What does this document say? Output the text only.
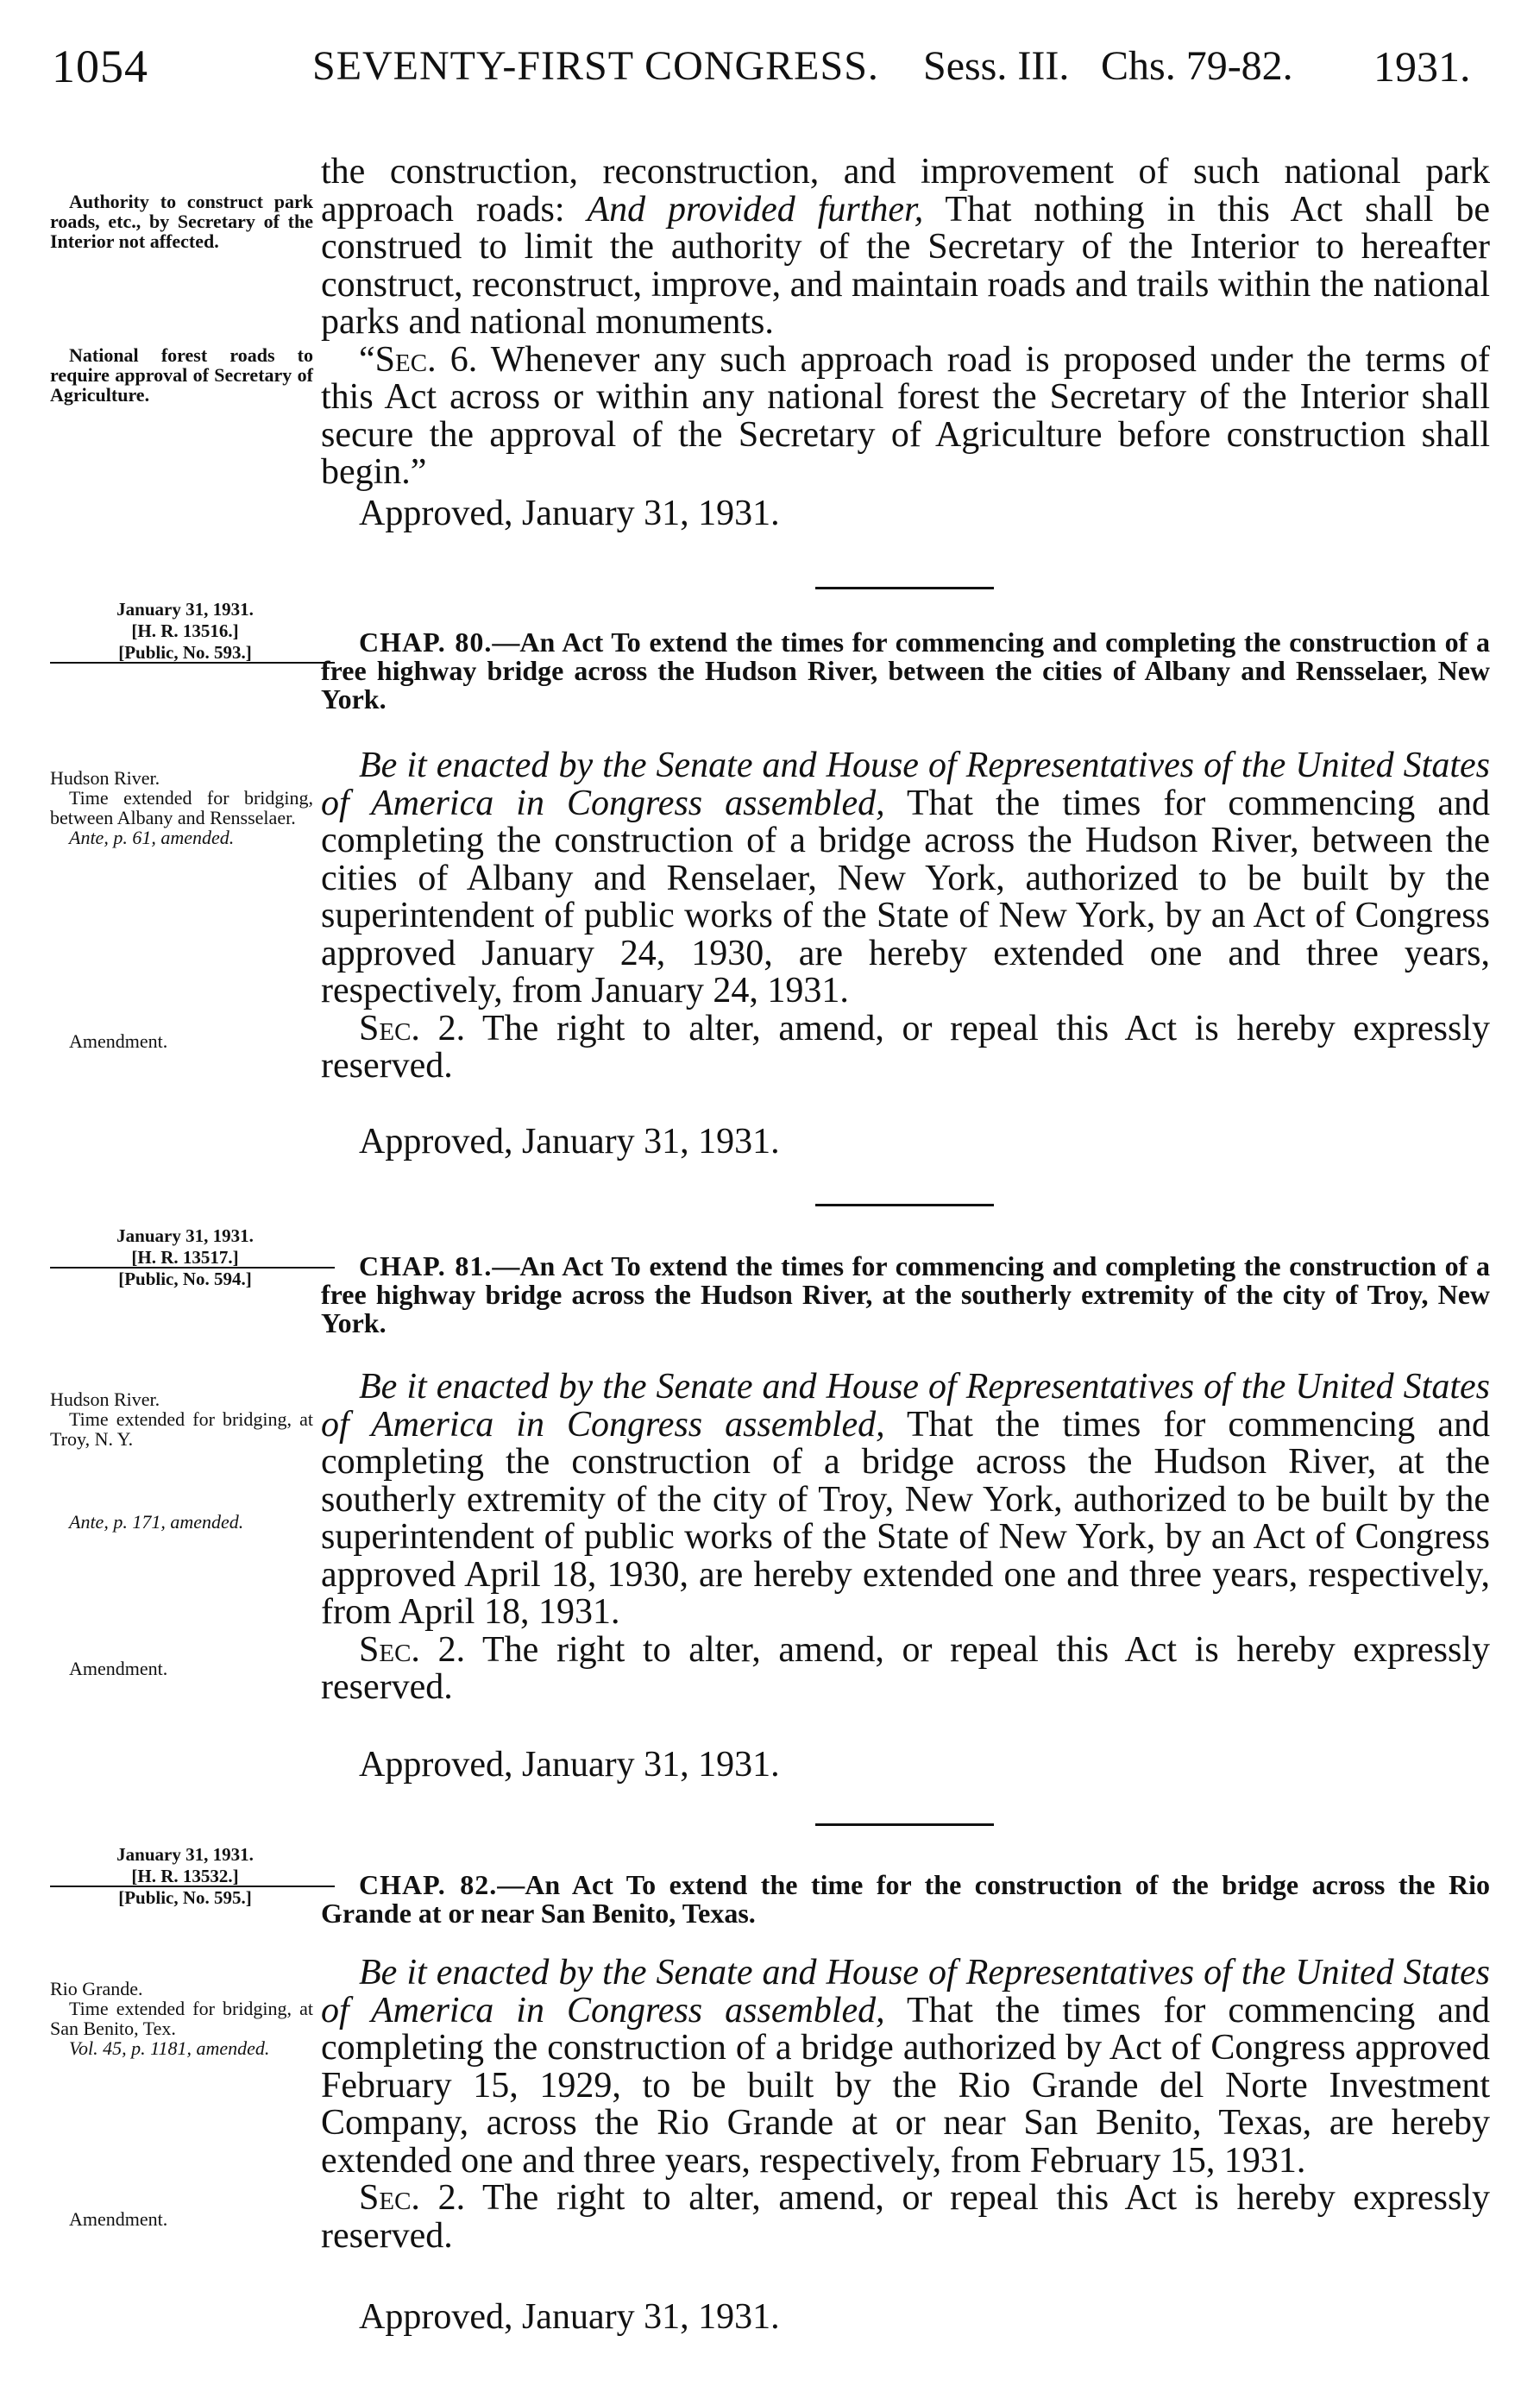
1054	SEVENTY-FIRST CONGRESS. Sess. III. Chs. 79-82. 1931.
Authority to construct park roads, etc., by Secretary of the Interior not affected.
National forest roads to require approval of Secretary of Agriculture.

the construction, reconstruction, and improvement of such national park approach roads: And provided further, That nothing in this Act shall be construed to limit the authority of the Secretary of the Interior to hereafter construct, reconstruct, improve, and maintain roads and trails within the national parks and national monuments.

“Sec. 6. Whenever any such approach road is proposed under the terms of this Act across or within any national forest the Secretary of the Interior shall secure the approval of the Secretary of Agriculture before construction shall begin.”

Approved, January 31, 1931.
January 31, 1931.
[H. R. 13516.]
[Public, No. 593.]	CHAP. 80.—An Act To extend the times for commencing and completing the construction of a free highway bridge across the Hudson River, between the cities of Albany and Rensselaer, New York.

Hudson River.
Time extended for bridging, between Albany and Rensselaer.
Ante, p. 61, amended.
Amendment.

Be it enacted by the Senate and House of Representatives of the United States of America in Congress assembled, That the times for commencing and completing the construction of a bridge across the Hudson River, between the cities of Albany and Renselaer, New York, authorized to be built by the superintendent of public works of the State of New York, by an Act of Congress approved January 24, 1930, are hereby extended one and three years, respectively, from January 24, 1931.

Sec. 2. The right to alter, amend, or repeal this Act is hereby expressly reserved.

Approved, January 31, 1931.
January 31, 1931.
[H. R. 13517.]
[Public, No. 594.]	CHAP. 81.—An Act To extend the times for commencing and completing the construction of a free highway bridge across the Hudson River, at the southerly extremity of the city of Troy, New York.

Hudson River.
Time extended for bridging, at Troy, N. Y.
Ante, p. 171, amended.
Amendment.

Be it enacted by the Senate and House of Representatives of the United States of America in Congress assembled, That the times for commencing and completing the construction of a bridge across the Hudson River, at the southerly extremity of the city of Troy, New York, authorized to be built by the superintendent of public works of the State of New York, by an Act of Congress approved April 18, 1930, are hereby extended one and three years, respectively, from April 18, 1931.

Sec. 2. The right to alter, amend, or repeal this Act is hereby expressly reserved.

Approved, January 31, 1931.
January 31, 1931.
[H. R. 13532.]
[Public, No. 595.]	CHAP. 82.—An Act To extend the time for the construction of the bridge across the Rio Grande at or near San Benito, Texas.

Rio Grande.
Time extended for bridging, at San Benito, Tex.
Vol. 45, p. 1181, amended.
Amendment.

Be it enacted by the Senate and House of Representatives of the United States of America in Congress assembled, That the times for commencing and completing the construction of a bridge authorized by Act of Congress approved February 15, 1929, to be built by the Rio Grande del Norte Investment Company, across the Rio Grande at or near San Benito, Texas, are hereby extended one and three years, respectively, from February 15, 1931.

Sec. 2. The right to alter, amend, or repeal this Act is hereby expressly reserved.

Approved, January 31, 1931.
